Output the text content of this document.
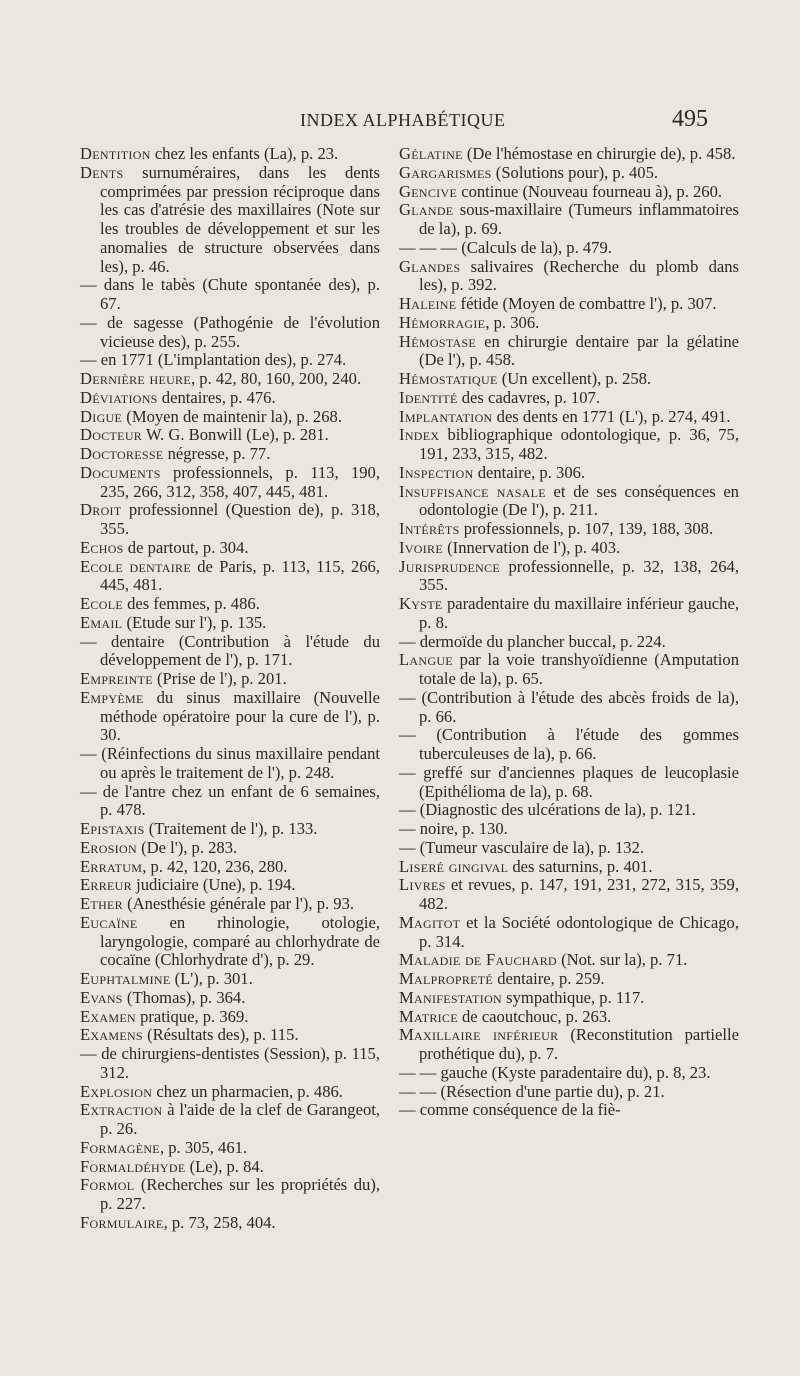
INDEX ALPHABÉTIQUE	495

Dentition chez les enfants (La), p. 23.

Dents surnuméraires, dans les dents comprimées par pression réciproque dans les cas d'atrésie des maxillaires (Note sur les troubles de développement et sur les anomalies de structure observées dans les), p. 46.

— dans le tabès (Chute spontanée des), p. 67.

— de sagesse (Pathogénie de l'évolution vicieuse des), p. 255.

— en 1771 (L'implantation des), p. 274.

Dernière heure, p. 42, 80, 160, 200, 240.

Déviations dentaires, p. 476.

Digue (Moyen de maintenir la), p. 268.

Docteur W. G. Bonwill (Le), p. 281.

Doctoresse négresse, p. 77.

Documents professionnels, p. 113, 190, 235, 266, 312, 358, 407, 445, 481.

Droit professionnel (Question de), p. 318, 355.

Echos de partout, p. 304.

Ecole dentaire de Paris, p. 113, 115, 266, 445, 481.

Ecole des femmes, p. 486.

Email (Etude sur l'), p. 135.

— dentaire (Contribution à l'étude du développement de l'), p. 171.

Empreinte (Prise de l'), p. 201.

Empyème du sinus maxillaire (Nouvelle méthode opératoire pour la cure de l'), p. 30.

— (Réinfections du sinus maxillaire pendant ou après le traitement de l'), p. 248.

— de l'antre chez un enfant de 6 semaines, p. 478.

Epistaxis (Traitement de l'), p. 133.

Erosion (De l'), p. 283.

Erratum, p. 42, 120, 236, 280.

Erreur judiciaire (Une), p. 194.

Ether (Anesthésie générale par l'), p. 93.

Eucaïne en rhinologie, otologie, laryngologie, comparé au chlorhydrate de cocaïne (Chlorhydrate d'), p. 29.

Euphtalmine (L'), p. 301.

Evans (Thomas), p. 364.

Examen pratique, p. 369.

Examens (Résultats des), p. 115.

— de chirurgiens-dentistes (Session), p. 115, 312.

Explosion chez un pharmacien, p. 486.

Extraction à l'aide de la clef de Garangeot, p. 26.

Formagène, p. 305, 461.

Formaldéhyde (Le), p. 84.

Formol (Recherches sur les propriétés du), p. 227.

Formulaire, p. 73, 258, 404.

Gélatine (De l'hémostase en chirurgie de), p. 458.

Gargarismes (Solutions pour), p. 405.

Gencive continue (Nouveau fourneau à), p. 260.

Glande sous-maxillaire (Tumeurs inflammatoires de la), p. 69.

— — — (Calculs de la), p. 479.

Glandes salivaires (Recherche du plomb dans les), p. 392.

Haleine fétide (Moyen de combattre l'), p. 307.

Hémorragie, p. 306.

Hémostase en chirurgie dentaire par la gélatine (De l'), p. 458.

Hémostatique (Un excellent), p. 258.

Identité des cadavres, p. 107.

Implantation des dents en 1771 (L'), p. 274, 491.

Index bibliographique odontologique, p. 36, 75, 191, 233, 315, 482.

Inspection dentaire, p. 306.

Insuffisance nasale et de ses conséquences en odontologie (De l'), p. 211.

Intérêts professionnels, p. 107, 139, 188, 308.

Ivoire (Innervation de l'), p. 403.

Jurisprudence professionnelle, p. 32, 138, 264, 355.

Kyste paradentaire du maxillaire inférieur gauche, p. 8.

— dermoïde du plancher buccal, p. 224.

Langue par la voie transhyoïdienne (Amputation totale de la), p. 65.

— (Contribution à l'étude des abcès froids de la), p. 66.

— (Contribution à l'étude des gommes tuberculeuses de la), p. 66.

— greffé sur d'anciennes plaques de leucoplasie (Epithélioma de la), p. 68.

— (Diagnostic des ulcérations de la), p. 121.

— noire, p. 130.

— (Tumeur vasculaire de la), p. 132.

Liseré gingival des saturnins, p. 401.

Livres et revues, p. 147, 191, 231, 272, 315, 359, 482.

Magitot et la Société odontologique de Chicago, p. 314.

Maladie de Fauchard (Not. sur la), p. 71.

Malpropreté dentaire, p. 259.

Manifestation sympathique, p. 117.

Matrice de caoutchouc, p. 263.

Maxillaire inférieur (Reconstitution partielle prothétique du), p. 7.

— — gauche (Kyste paradentaire du), p. 8, 23.

— — (Résection d'une partie du), p. 21.

— comme conséquence de la fiè-
